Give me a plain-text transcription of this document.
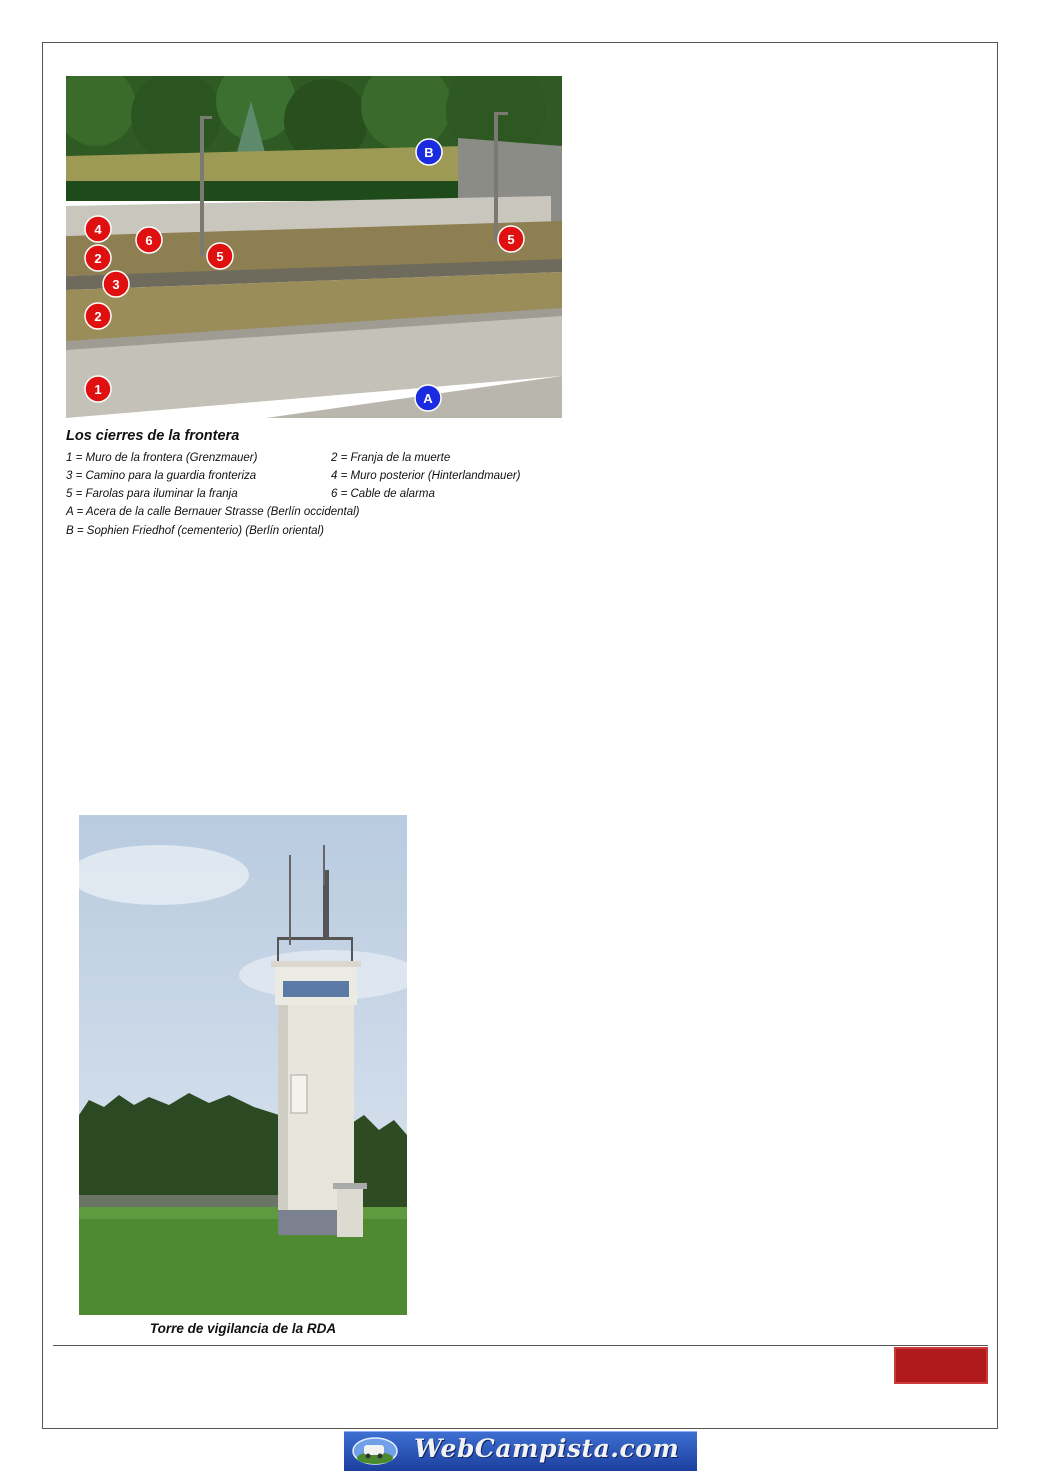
1
2
2
3
4
5
5
6
A
B
Los cierres de la frontera
1 = Muro de la frontera (Grenzmauer)	2 = Franja de la muerte
3 = Camino para la guardia fronteriza	4 = Muro posterior (Hinterlandmauer)
5 = Farolas para iluminar la franja	6 = Cable de alarma
A = Acera de la calle Bernauer Strasse (Berlín occidental)
B = Sophien Friedhof (cementerio) (Berlín oriental)
Torre de vigilancia de la RDA
WebCampista.com
